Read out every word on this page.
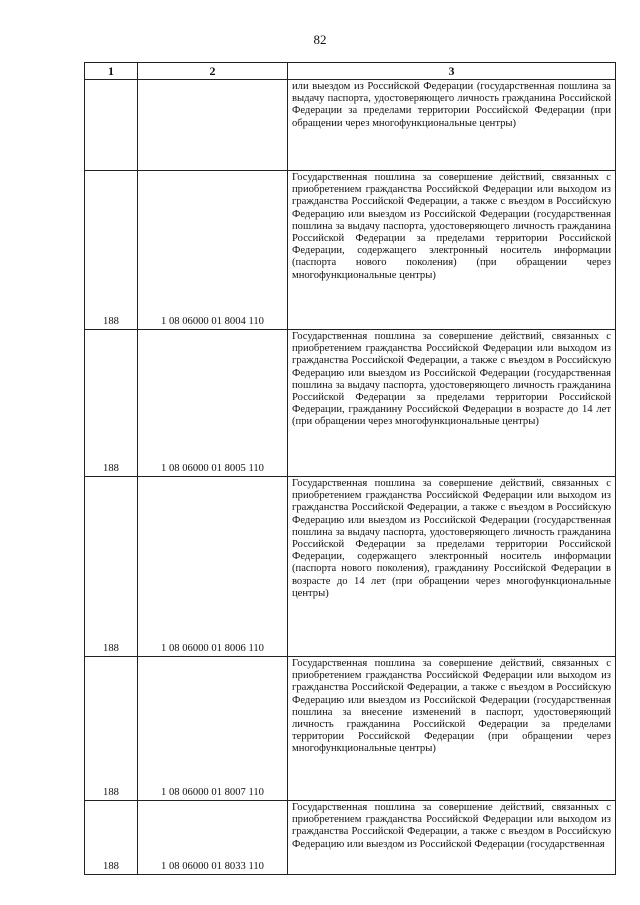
82
1	2	3
		или выездом из Российской Федерации (государственная пошлина за выдачу паспорта, удостоверяющего личность гражданина Российской Федерации за пределами территории Российской Федерации (при обращении через многофункциональные центры)
188	1 08 06000 01 8004 110	Государственная пошлина за совершение действий, связанных с приобретением гражданства Российской Федерации или выходом из гражданства Российской Федерации, а также с въездом в Российскую Федерацию или выездом из Российской Федерации (государственная пошлина за выдачу паспорта, удостоверяющего личность гражданина Российской Федерации за пределами территории Российской Федерации, содержащего электронный носитель информации (паспорта нового поколения) (при обращении через многофункциональные центры)
188	1 08 06000 01 8005 110	Государственная пошлина за совершение действий, связанных с приобретением гражданства Российской Федерации или выходом из гражданства Российской Федерации, а также с въездом в Российскую Федерацию или выездом из Российской Федерации (государственная пошлина за выдачу паспорта, удостоверяющего личность гражданина Российской Федерации за пределами территории Российской Федерации, гражданину Российской Федерации в возрасте до 14 лет (при обращении через многофункциональные центры)
188	1 08 06000 01 8006 110	Государственная пошлина за совершение действий, связанных с приобретением гражданства Российской Федерации или выходом из гражданства Российской Федерации, а также с въездом в Российскую Федерацию или выездом из Российской Федерации (государственная пошлина за выдачу паспорта, удостоверяющего личность гражданина Российской Федерации за пределами территории Российской Федерации, содержащего электронный носитель информации (паспорта нового поколения), гражданину Российской Федерации в возрасте до 14 лет (при обращении через многофункциональные центры)
188	1 08 06000 01 8007 110	Государственная пошлина за совершение действий, связанных с приобретением гражданства Российской Федерации или выходом из гражданства Российской Федерации, а также с въездом в Российскую Федерацию или выездом из Российской Федерации (государственная пошлина за внесение изменений в паспорт, удостоверяющий личность гражданина Российской Федерации за пределами территории Российской Федерации (при обращении через многофункциональные центры)
188	1 08 06000 01 8033 110	Государственная пошлина за совершение действий, связанных с приобретением гражданства Российской Федерации или выходом из гражданства Российской Федерации, а также с въездом в Российскую Федерацию или выездом из Российской Федерации (государственная
